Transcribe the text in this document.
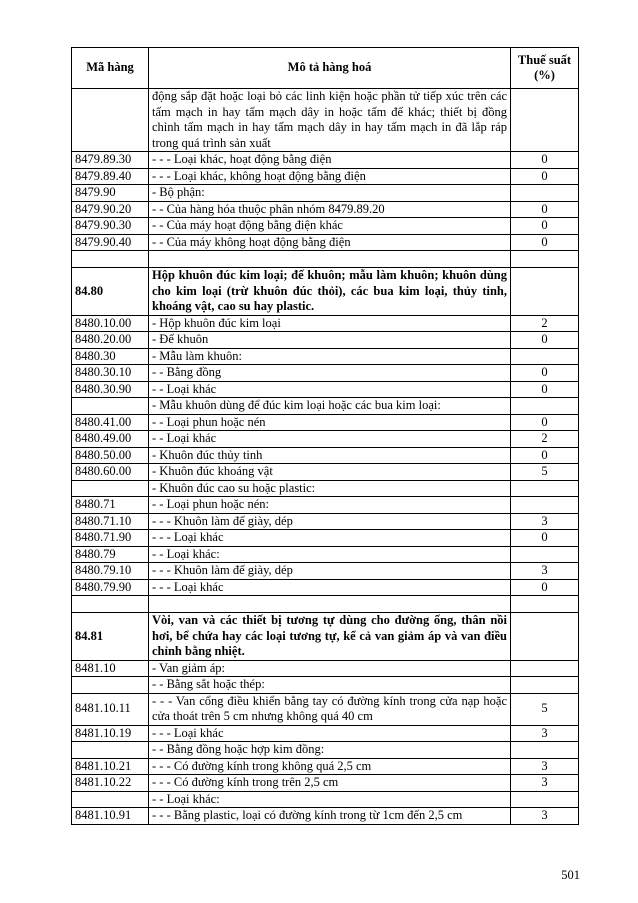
Mã hàng	Mô tả hàng hoá	Thuế suất (%)
	động sắp đặt hoặc loại bỏ các linh kiện hoặc phần tử tiếp xúc trên các tấm mạch in hay tấm mạch dây in hoặc tấm đế khác; thiết bị đồng chỉnh tấm mạch in hay tấm mạch dây in hay tấm mạch in đã lắp ráp trong quá trình sản xuất	
8479.89.30	- - - Loại khác, hoạt động bằng điện	0
8479.89.40	- - - Loại khác, không hoạt động bằng điện	0
8479.90	- Bộ phận:	
8479.90.20	- - Của hàng hóa thuộc phân nhóm 8479.89.20	0
8479.90.30	- - Của máy hoạt động bằng điện khác	0
8479.90.40	- - Của máy không hoạt động bằng điện	0

84.80	Hộp khuôn đúc kim loại; đế khuôn; mẫu làm khuôn; khuôn dùng cho kim loại (trừ khuôn đúc thỏi), các bua kim loại, thủy tinh, khoáng vật, cao su hay plastic.	
8480.10.00	- Hộp khuôn đúc kim loại	2
8480.20.00	- Đế khuôn	0
8480.30	- Mẫu làm khuôn:	
8480.30.10	- - Bằng đồng	0
8480.30.90	- - Loại khác	0
	- Mẫu khuôn dùng để đúc kim loại hoặc các bua kim loại:	
8480.41.00	- - Loại phun hoặc nén	0
8480.49.00	- - Loại khác	2
8480.50.00	- Khuôn đúc thủy tinh	0
8480.60.00	- Khuôn đúc khoáng vật	5
	- Khuôn đúc cao su hoặc plastic:	
8480.71	- - Loại phun hoặc nén:	
8480.71.10	- - - Khuôn làm đế giày, dép	3
8480.71.90	- - - Loại khác	0
8480.79	- - Loại khác:	
8480.79.10	- - - Khuôn làm đế giày, dép	3
8480.79.90	- - - Loại khác	0

84.81	Vòi, van và các thiết bị tương tự dùng cho đường ống, thân nồi hơi, bể chứa hay các loại tương tự, kể cả van giảm áp và van điều chỉnh bằng nhiệt.	
8481.10	- Van giảm áp:	
	- - Bằng sắt hoặc thép:	
8481.10.11	- - - Van cổng điều khiển bằng tay có đường kính trong cửa nạp hoặc cửa thoát trên 5 cm nhưng không quá 40 cm	5
8481.10.19	- - - Loại khác	3
	- - Bằng đồng hoặc hợp kim đồng:	
8481.10.21	- - - Có đường kính trong không quá 2,5 cm	3
8481.10.22	- - - Có đường kính trong trên 2,5 cm	3
	- - Loại khác:	
8481.10.91	- - - Bằng plastic, loại có đường kính trong từ 1cm đến 2,5 cm	3
501
